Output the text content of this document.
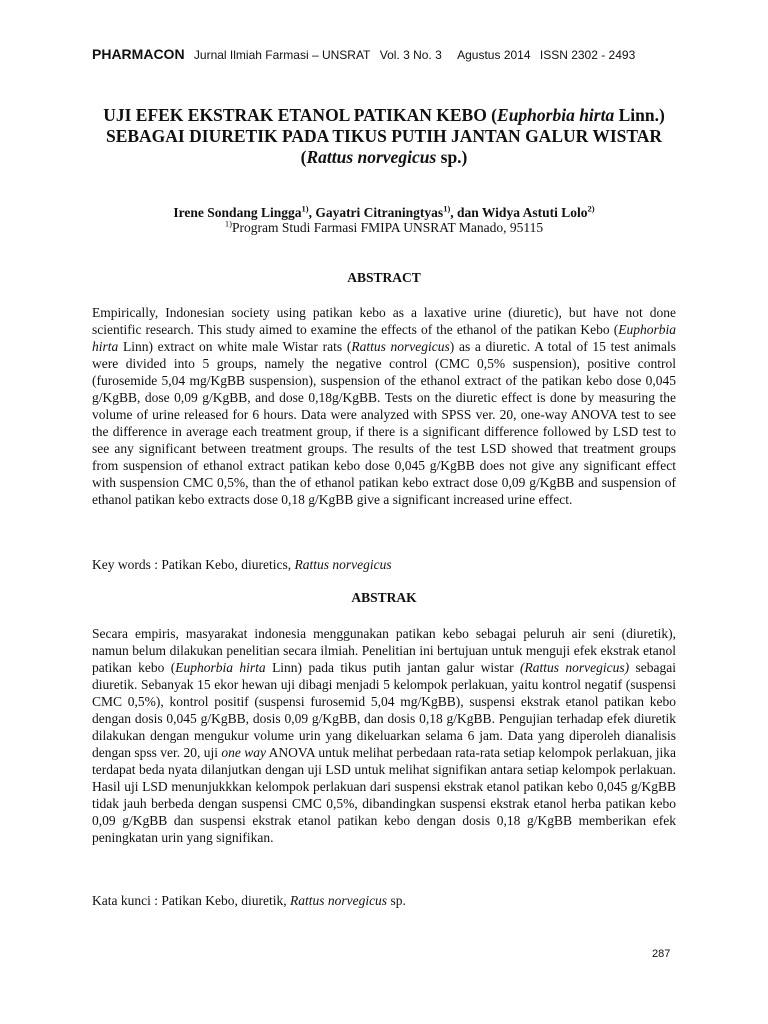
PHARMACON Jurnal Ilmiah Farmasi – UNSRAT Vol. 3 No. 3 Agustus 2014 ISSN 2302 - 2493
UJI EFEK EKSTRAK ETANOL PATIKAN KEBO (Euphorbia hirta Linn.) SEBAGAI DIURETIK PADA TIKUS PUTIH JANTAN GALUR WISTAR (Rattus norvegicus sp.)
Irene Sondang Lingga$^{1)}$, Gayatri Citraningtyas$^{1)}$, dan Widya Astuti Lolo$^{2)}$
$^{1)}$Program Studi Farmasi FMIPA UNSRAT Manado, 95115
ABSTRACT
Empirically, Indonesian society using patikan kebo as a laxative urine (diuretic), but have not done scientific research. This study aimed to examine the effects of the ethanol of the patikan Kebo (Euphorbia hirta Linn) extract on white male Wistar rats (Rattus norvegicus) as a diuretic. A total of 15 test animals were divided into 5 groups, namely the negative control (CMC 0,5% suspension), positive control (furosemide 5,04 mg/KgBB suspension), suspension of the ethanol extract of the patikan kebo dose 0,045 g/KgBB, dose 0,09 g/KgBB, and dose 0,18g/KgBB. Tests on the diuretic effect is done by measuring the volume of urine released for 6 hours. Data were analyzed with SPSS ver. 20, one-way ANOVA test to see the difference in average each treatment group, if there is a significant difference followed by LSD test to see any significant between treatment groups. The results of the test LSD showed that treatment groups from suspension of ethanol extract patikan kebo dose 0,045 g/KgBB does not give any significant effect with suspension CMC 0,5%, than the of ethanol patikan kebo extract dose 0,09 g/KgBB and suspension of ethanol patikan kebo extracts dose 0,18 g/KgBB give a significant increased urine effect.
Key words : Patikan Kebo, diuretics, Rattus norvegicus
ABSTRAK
Secara empiris, masyarakat indonesia menggunakan patikan kebo sebagai peluruh air seni (diuretik), namun belum dilakukan penelitian secara ilmiah. Penelitian ini bertujuan untuk menguji efek ekstrak etanol patikan kebo (Euphorbia hirta Linn) pada tikus putih jantan galur wistar (Rattus norvegicus) sebagai diuretik. Sebanyak 15 ekor hewan uji dibagi menjadi 5 kelompok perlakuan, yaitu kontrol negatif (suspensi CMC 0,5%), kontrol positif (suspensi furosemid 5,04 mg/KgBB), suspensi ekstrak etanol patikan kebo dengan dosis 0,045 g/KgBB, dosis 0,09 g/KgBB, dan dosis 0,18 g/KgBB. Pengujian terhadap efek diuretik dilakukan dengan mengukur volume urin yang dikeluarkan selama 6 jam. Data yang diperoleh dianalisis dengan spss ver. 20, uji one way ANOVA untuk melihat perbedaan rata-rata setiap kelompok perlakuan, jika terdapat beda nyata dilanjutkan dengan uji LSD untuk melihat signifikan antara setiap kelompok perlakuan. Hasil uji LSD menunjukkkan kelompok perlakuan dari suspensi ekstrak etanol patikan kebo 0,045 g/KgBB tidak jauh berbeda dengan suspensi CMC 0,5%, dibandingkan suspensi ekstrak etanol herba patikan kebo 0,09 g/KgBB dan suspensi ekstrak etanol patikan kebo dengan dosis 0,18 g/KgBB memberikan efek peningkatan urin yang signifikan.
Kata kunci : Patikan Kebo, diuretik, Rattus norvegicus sp.
287
